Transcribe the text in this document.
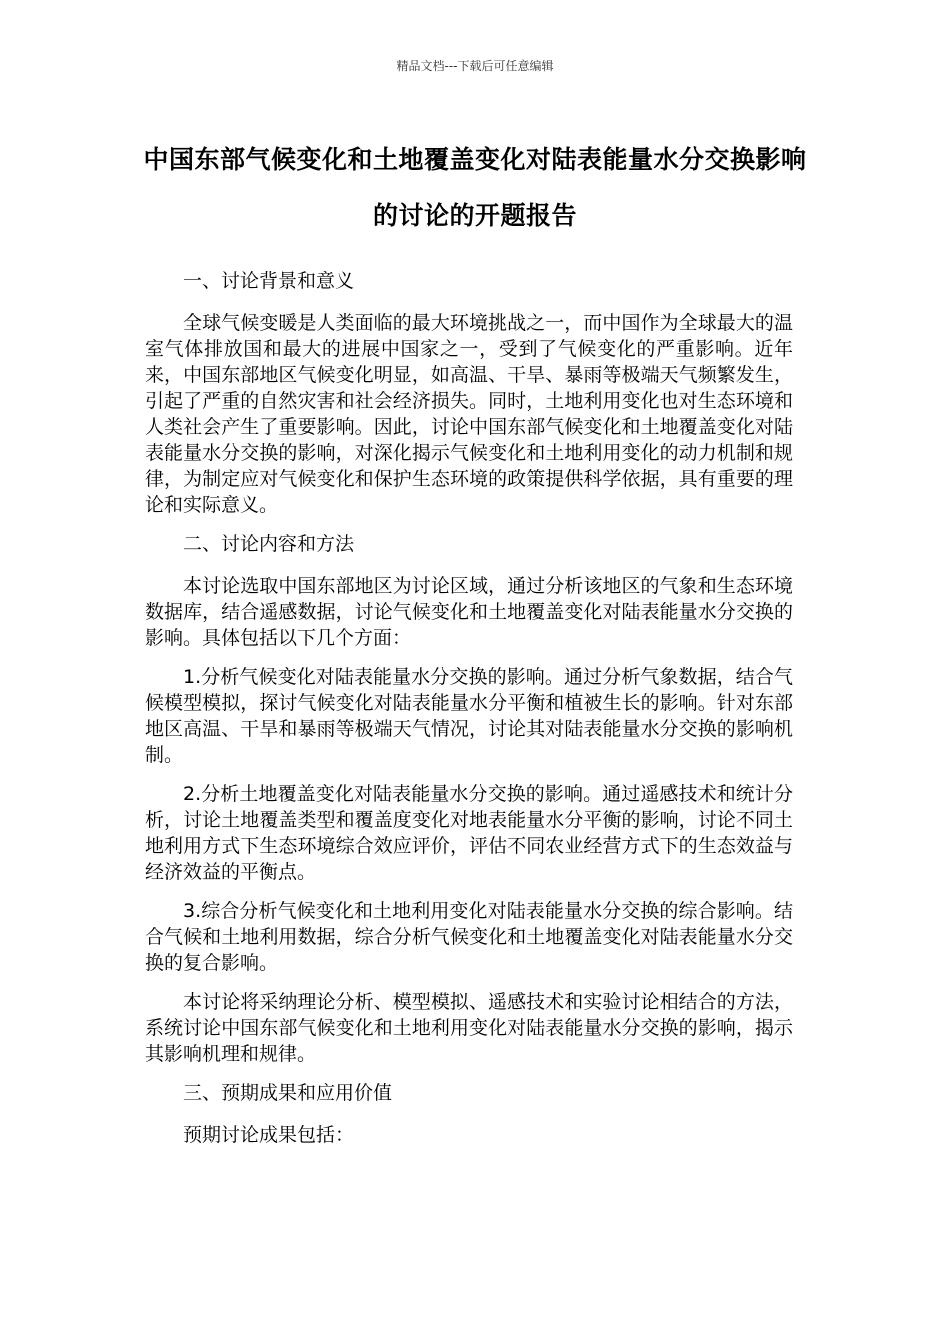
精品文档---下载后可任意编辑
中国东部气候变化和土地覆盖变化对陆表能量水分交换影响的讨论的开题报告

一、讨论背景和意义

全球气候变暖是人类面临的最大环境挑战之一，而中国作为全球最大的温室气体排放国和最大的进展中国家之一，受到了气候变化的严重影响。近年来，中国东部地区气候变化明显，如高温、干旱、暴雨等极端天气频繁发生，引起了严重的自然灾害和社会经济损失。同时，土地利用变化也对生态环境和人类社会产生了重要影响。因此，讨论中国东部气候变化和土地覆盖变化对陆表能量水分交换的影响，对深化揭示气候变化和土地利用变化的动力机制和规律，为制定应对气候变化和保护生态环境的政策提供科学依据，具有重要的理论和实际意义。

二、讨论内容和方法

本讨论选取中国东部地区为讨论区域，通过分析该地区的气象和生态环境数据库，结合遥感数据，讨论气候变化和土地覆盖变化对陆表能量水分交换的影响。具体包括以下几个方面：

1.分析气候变化对陆表能量水分交换的影响。通过分析气象数据，结合气候模型模拟，探讨气候变化对陆表能量水分平衡和植被生长的影响。针对东部地区高温、干旱和暴雨等极端天气情况，讨论其对陆表能量水分交换的影响机制。

2.分析土地覆盖变化对陆表能量水分交换的影响。通过遥感技术和统计分析，讨论土地覆盖类型和覆盖度变化对地表能量水分平衡的影响，讨论不同土地利用方式下生态环境综合效应评价，评估不同农业经营方式下的生态效益与经济效益的平衡点。

3.综合分析气候变化和土地利用变化对陆表能量水分交换的综合影响。结合气候和土地利用数据，综合分析气候变化和土地覆盖变化对陆表能量水分交换的复合影响。

本讨论将采纳理论分析、模型模拟、遥感技术和实验讨论相结合的方法，系统讨论中国东部气候变化和土地利用变化对陆表能量水分交换的影响，揭示其影响机理和规律。

三、预期成果和应用价值

预期讨论成果包括：
